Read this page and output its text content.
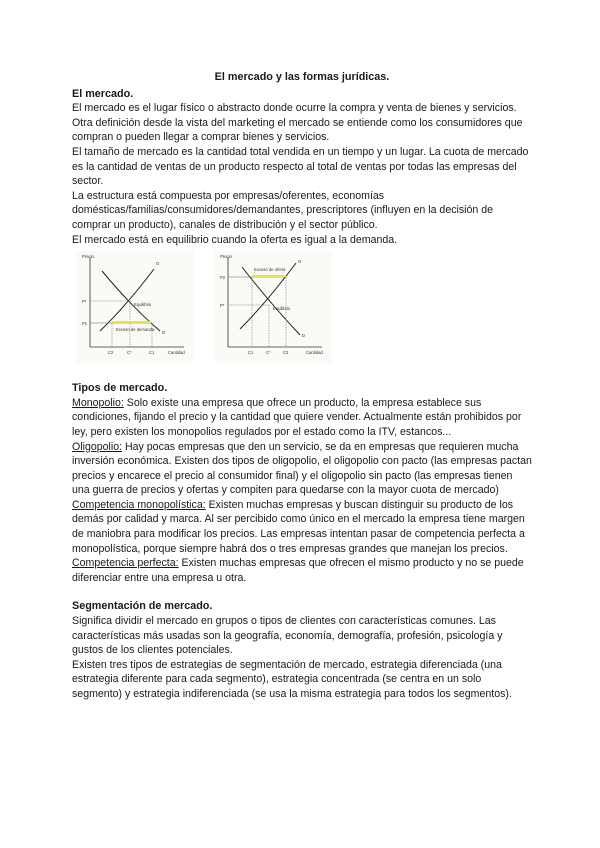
El mercado y las formas jurídicas.

El mercado.

El mercado es el lugar físico o abstracto donde ocurre la compra y venta de bienes y servicios. Otra definición desde la vista del marketing el mercado se entiende como los consumidores que compran o pueden llegar a comprar bienes y servicios.

El tamaño de mercado es la cantidad total vendida en un tiempo y un lugar. La cuota de mercado es la cantidad de ventas de un producto respecto al total de ventas por todas las empresas del sector.

La estructura está compuesta por empresas/oferentes, economías domésticas/familias/consumidores/demandantes, prescriptores (influyen en la decisión de comprar un producto), canales de distribución y el sector público.

El mercado está en equilibrio cuando la oferta es igual a la demanda.

Precio
Cantidad
O
D
P*
Equilibrio
P1
Exceso de demanda
C2	C*	C1
Precio
Cantidad
O
D
P*
Equilibrio
P2
Exceso de oferta
C1	C*	C2
Tipos de mercado.

Monopolio: Solo existe una empresa que ofrece un producto, la empresa establece sus condiciones, fijando el precio y la cantidad que quiere vender. Actualmente están prohibidos por ley, pero existen los monopolios regulados por el estado como la ITV, estancos...

Oligopolio: Hay pocas empresas que den un servicio, se da en empresas que requieren mucha inversión económica. Existen dos tipos de oligopolio, el oligopolio con pacto (las empresas pactan precios y encarece el precio al consumidor final) y el oligopolio sin pacto (las empresas tienen una guerra de precios y ofertas y compiten para quedarse con la mayor cuota de mercado)

Competencia monopolística: Existen muchas empresas y buscan distinguir su producto de los demás por calidad y marca. Al ser percibido como único en el mercado la empresa tiene margen de maniobra para modificar los precios. Las empresas intentan pasar de competencia perfecta a monopolística, porque siempre habrá dos o tres empresas grandes que manejan los precios.

Competencia perfecta: Existen muchas empresas que ofrecen el mismo producto y no se puede diferenciar entre una empresa u otra.

Segmentación de mercado.

Significa dividir el mercado en grupos o tipos de clientes con características comunes. Las características más usadas son la geografía, economía, demografía, profesión, psicología y gustos de los clientes potenciales.

Existen tres tipos de estrategias de segmentación de mercado, estrategia diferenciada (una estrategia diferente para cada segmento), estrategia concentrada (se centra en un solo segmento) y estrategia indiferenciada (se usa la misma estrategia para todos los segmentos).
